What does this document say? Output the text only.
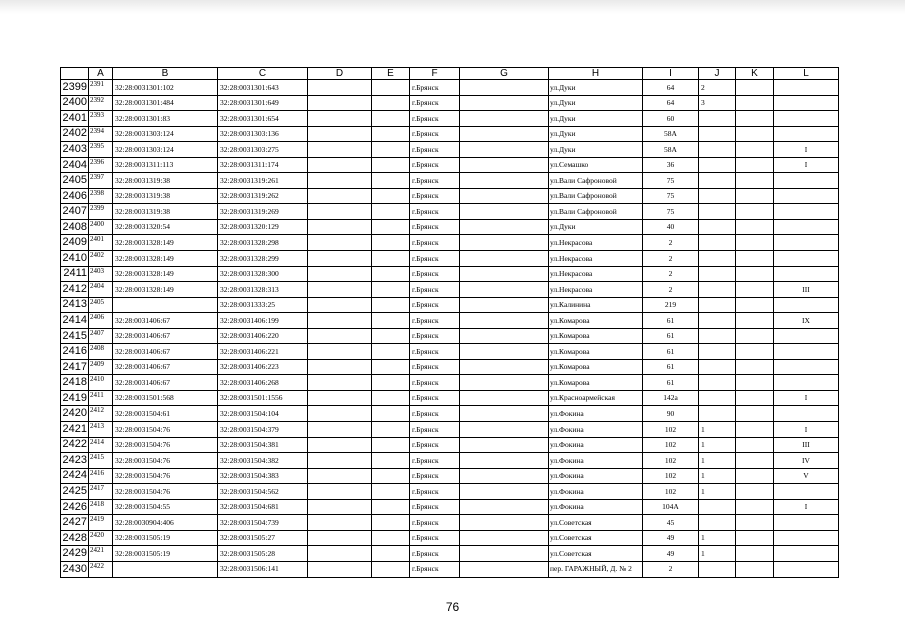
	A	B	C	D	E	F	G	H	I	J	K	L
2399	2391	32:28:0031301:102	32:28:0031301:643			г.Брянск		ул.Дуки	64	2		
2400	2392	32:28:0031301:484	32:28:0031301:649			г.Брянск		ул.Дуки	64	3		
2401	2393	32:28:0031301:83	32:28:0031301:654			г.Брянск		ул.Дуки	60			
2402	2394	32:28:0031303:124	32:28:0031303:136			г.Брянск		ул.Дуки	58А			
2403	2395	32:28:0031303:124	32:28:0031303:275			г.Брянск		ул.Дуки	58А			I
2404	2396	32:28:0031311:113	32:28:0031311:174			г.Брянск		ул.Семашко	36			I
2405	2397	32:28:0031319:38	32:28:0031319:261			г.Брянск		ул.Вали Сафроновой	75			
2406	2398	32:28:0031319:38	32:28:0031319:262			г.Брянск		ул.Вали Сафроновой	75			
2407	2399	32:28:0031319:38	32:28:0031319:269			г.Брянск		ул.Вали Сафроновой	75			
2408	2400	32:28:0031320:54	32:28:0031320:129			г.Брянск		ул.Дуки	40			
2409	2401	32:28:0031328:149	32:28:0031328:298			г.Брянск		ул.Некрасова	2			
2410	2402	32:28:0031328:149	32:28:0031328:299			г.Брянск		ул.Некрасова	2			
2411	2403	32:28:0031328:149	32:28:0031328:300			г.Брянск		ул.Некрасова	2			
2412	2404	32:28:0031328:149	32:28:0031328:313			г.Брянск		ул.Некрасова	2			III
2413	2405		32:28:0031333:25			г.Брянск		ул.Калинина	219			
2414	2406	32:28:0031406:67	32:28:0031406:199			г.Брянск		ул.Комарова	61			IX
2415	2407	32:28:0031406:67	32:28:0031406:220			г.Брянск		ул.Комарова	61			
2416	2408	32:28:0031406:67	32:28:0031406:221			г.Брянск		ул.Комарова	61			
2417	2409	32:28:0031406:67	32:28:0031406:223			г.Брянск		ул.Комарова	61			
2418	2410	32:28:0031406:67	32:28:0031406:268			г.Брянск		ул.Комарова	61			
2419	2411	32:28:0031501:568	32:28:0031501:1556			г.Брянск		ул.Красноармейская	142а			I
2420	2412	32:28:0031504:61	32:28:0031504:104			г.Брянск		ул.Фокина	90			
2421	2413	32:28:0031504:76	32:28:0031504:379			г.Брянск		ул.Фокина	102	1		I
2422	2414	32:28:0031504:76	32:28:0031504:381			г.Брянск		ул.Фокина	102	1		III
2423	2415	32:28:0031504:76	32:28:0031504:382			г.Брянск		ул.Фокина	102	1		IV
2424	2416	32:28:0031504:76	32:28:0031504:383			г.Брянск		ул.Фокина	102	1		V
2425	2417	32:28:0031504:76	32:28:0031504:562			г.Брянск		ул.Фокина	102	1		
2426	2418	32:28:0031504:55	32:28:0031504:681			г.Брянск		ул.Фокина	104А			I
2427	2419	32:28:0030904:406	32:28:0031504:739			г.Брянск		ул.Советская	45			
2428	2420	32:28:0031505:19	32:28:0031505:27			г.Брянск		ул.Советская	49	1		
2429	2421	32:28:0031505:19	32:28:0031505:28			г.Брянск		ул.Советская	49	1		
2430	2422		32:28:0031506:141			г.Брянск		пер. ГАРАЖНЫЙ, Д. № 2	2			
76
